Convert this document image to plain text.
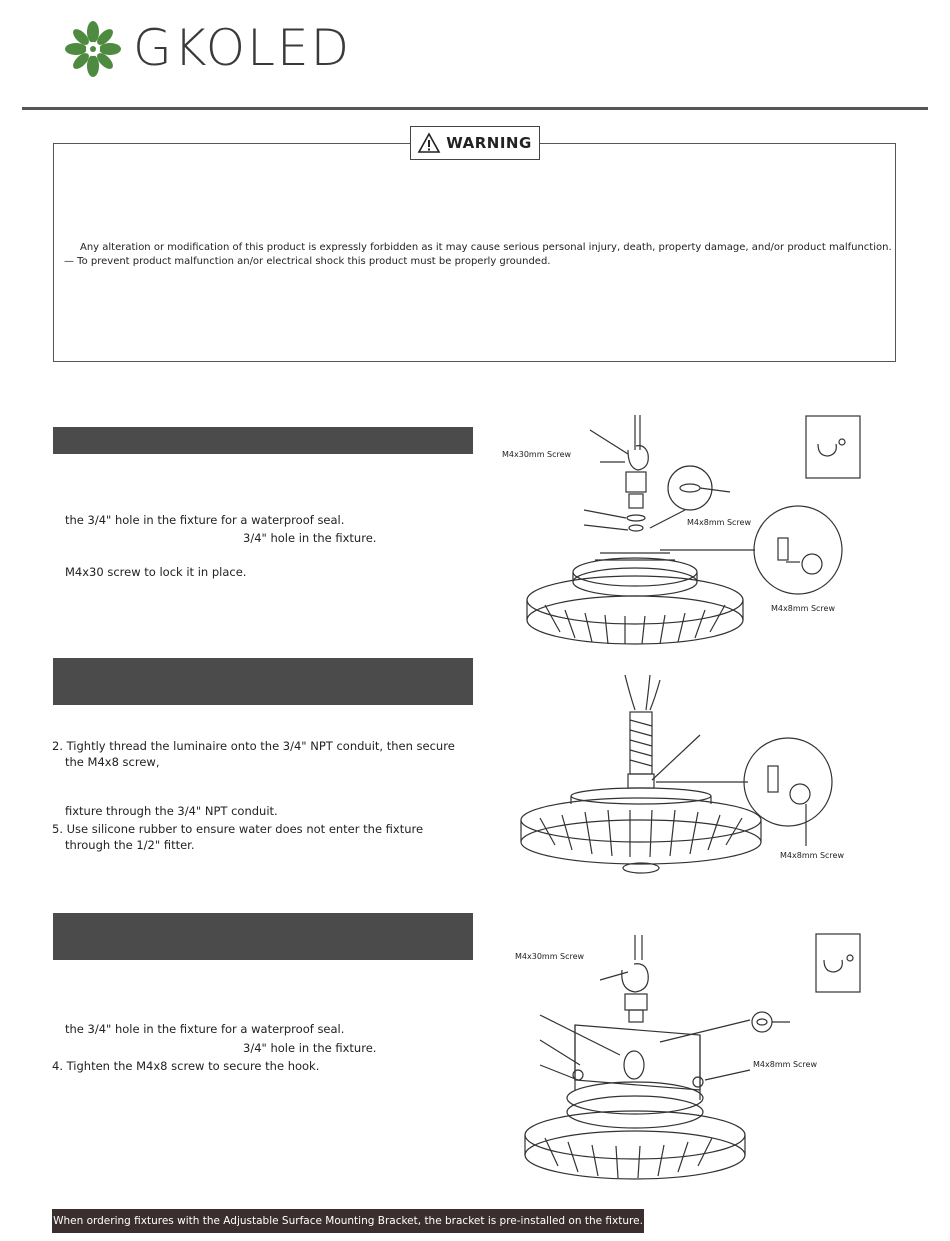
GKOLED
WARNING
Any alteration or modification of this product is expressly forbidden as it may cause serious personal injury, death, property damage, and/or product malfunction.
— To prevent product malfunction an/or electrical shock this product must be properly grounded.
the 3/4" hole in the fixture for a waterproof seal.
3/4" hole in the fixture.
M4x30 screw to lock it in place.
M4x30mm Screw
M4x8mm Screw
M4x8mm Screw
2. Tightly thread the luminaire onto the 3/4" NPT conduit, then secure
the M4x8 screw,
fixture through the 3/4" NPT conduit.
5. Use silicone rubber to ensure water does not enter the fixture
through the 1/2" fitter.
M4x8mm Screw
the 3/4" hole in the fixture for a waterproof seal.
3/4" hole in the fixture.
4. Tighten the M4x8 screw to secure the hook.
M4x30mm Screw
M4x8mm Screw
When ordering fixtures with the Adjustable Surface Mounting Bracket, the bracket is pre-installed on the fixture.
